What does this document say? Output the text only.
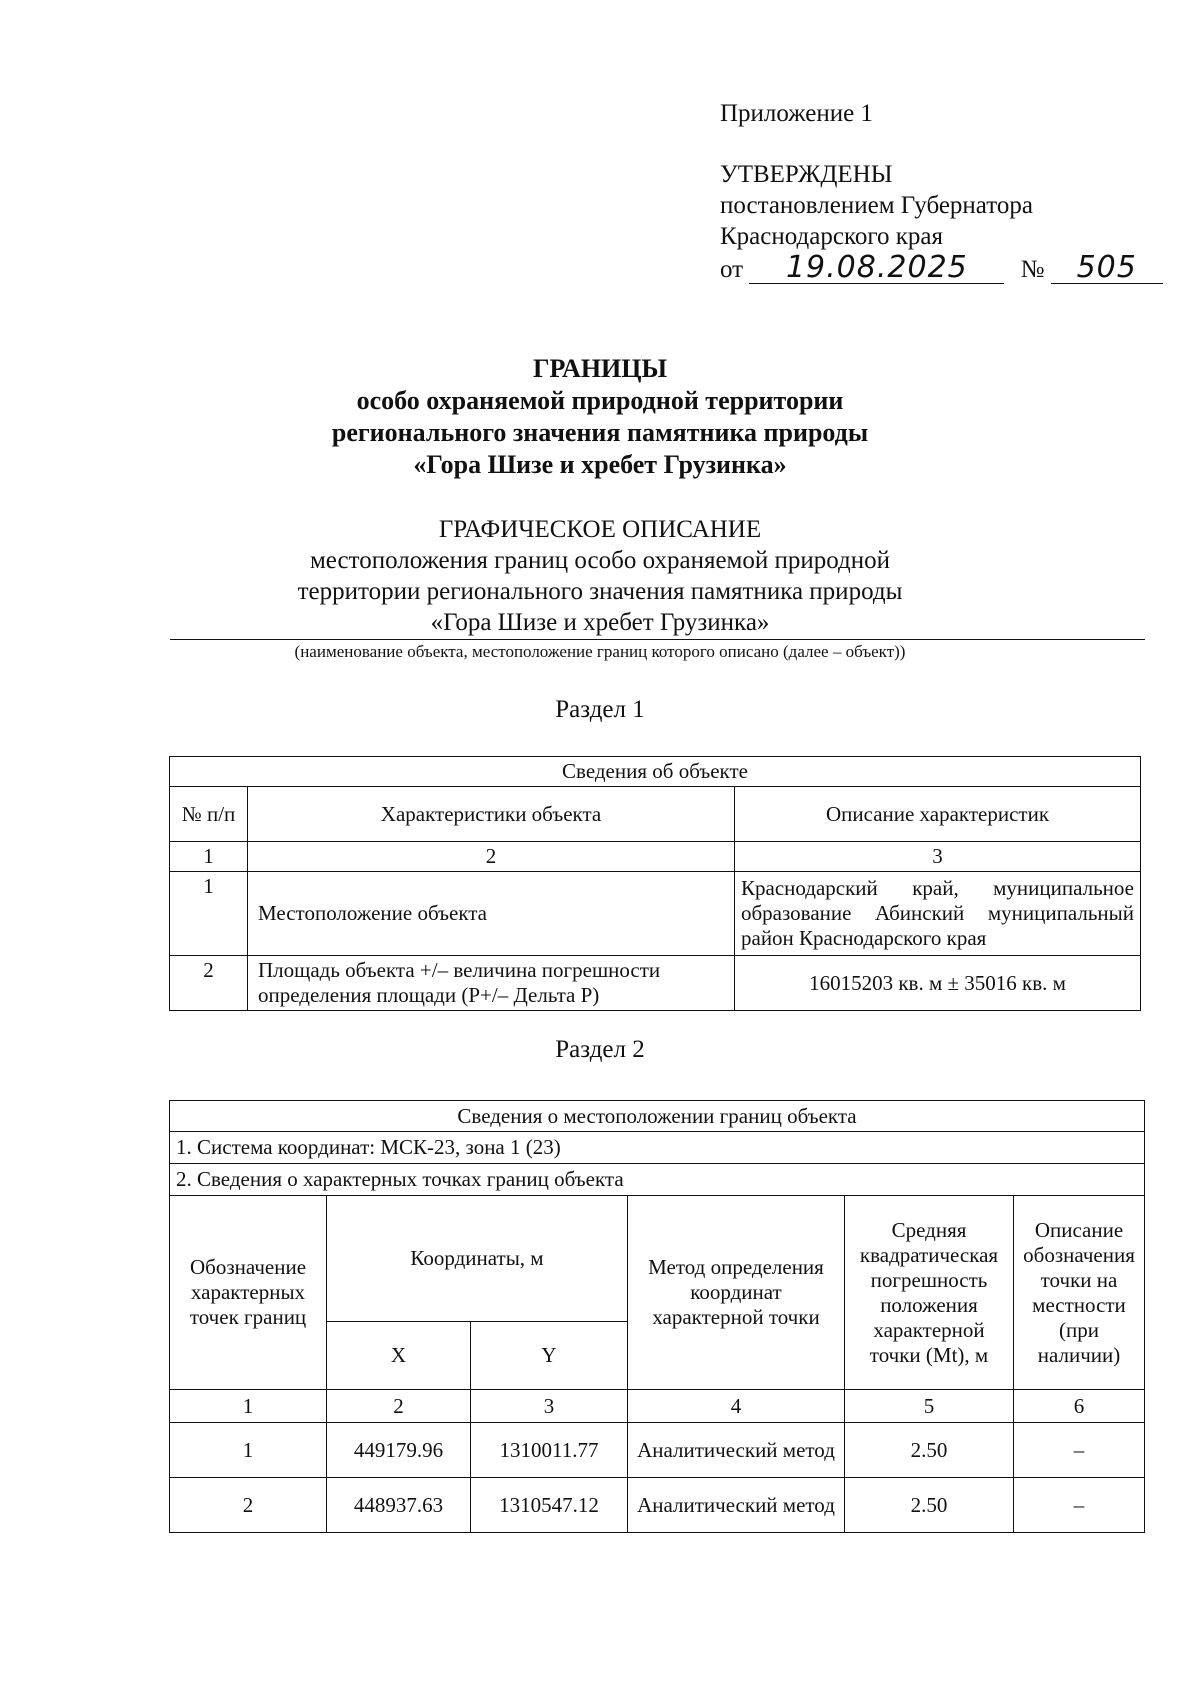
Приложение 1
УТВЕРЖДЕНЫ
постановлением Губернатора
Краснодарского края
от 19.08.2025 № 505
ГРАНИЦЫ
особо охраняемой природной территории
регионального значения памятника природы
«Гора Шизе и хребет Грузинка»
ГРАФИЧЕСКОЕ ОПИСАНИЕ
местоположения границ особо охраняемой природной
территории регионального значения памятника природы
«Гора Шизе и хребет Грузинка»
(наименование объекта, местоположение границ которого описано (далее – объект))
Раздел 1
Сведения об объекте		
№ п/п	Характеристики объекта	Описание характеристик
1	2	3
1	Местоположение объекта	Краснодарский край, муниципальное образование Абинский муниципальный район Краснодарского края
2	Площадь объекта +/– величина погрешности определения площади (P+/– Дельта P)	16015203 кв. м ± 35016 кв. м
Раздел 2
Сведения о местоположении границ объекта					
1. Система координат: МСК-23, зона 1 (23)					
2. Сведения о характерных точках границ объекта					
Обозначение характерных точек границ	Координаты, м		Метод определения координат характерной точки	Средняя квадратическая погрешность положения характерной точки (Mt), м	Описание обозначения точки на местности (при наличии)
	X	Y			
1	2	3	4	5	6
1	449179.96	1310011.77	Аналитический метод	2.50	–
2	448937.63	1310547.12	Аналитический метод	2.50	–
